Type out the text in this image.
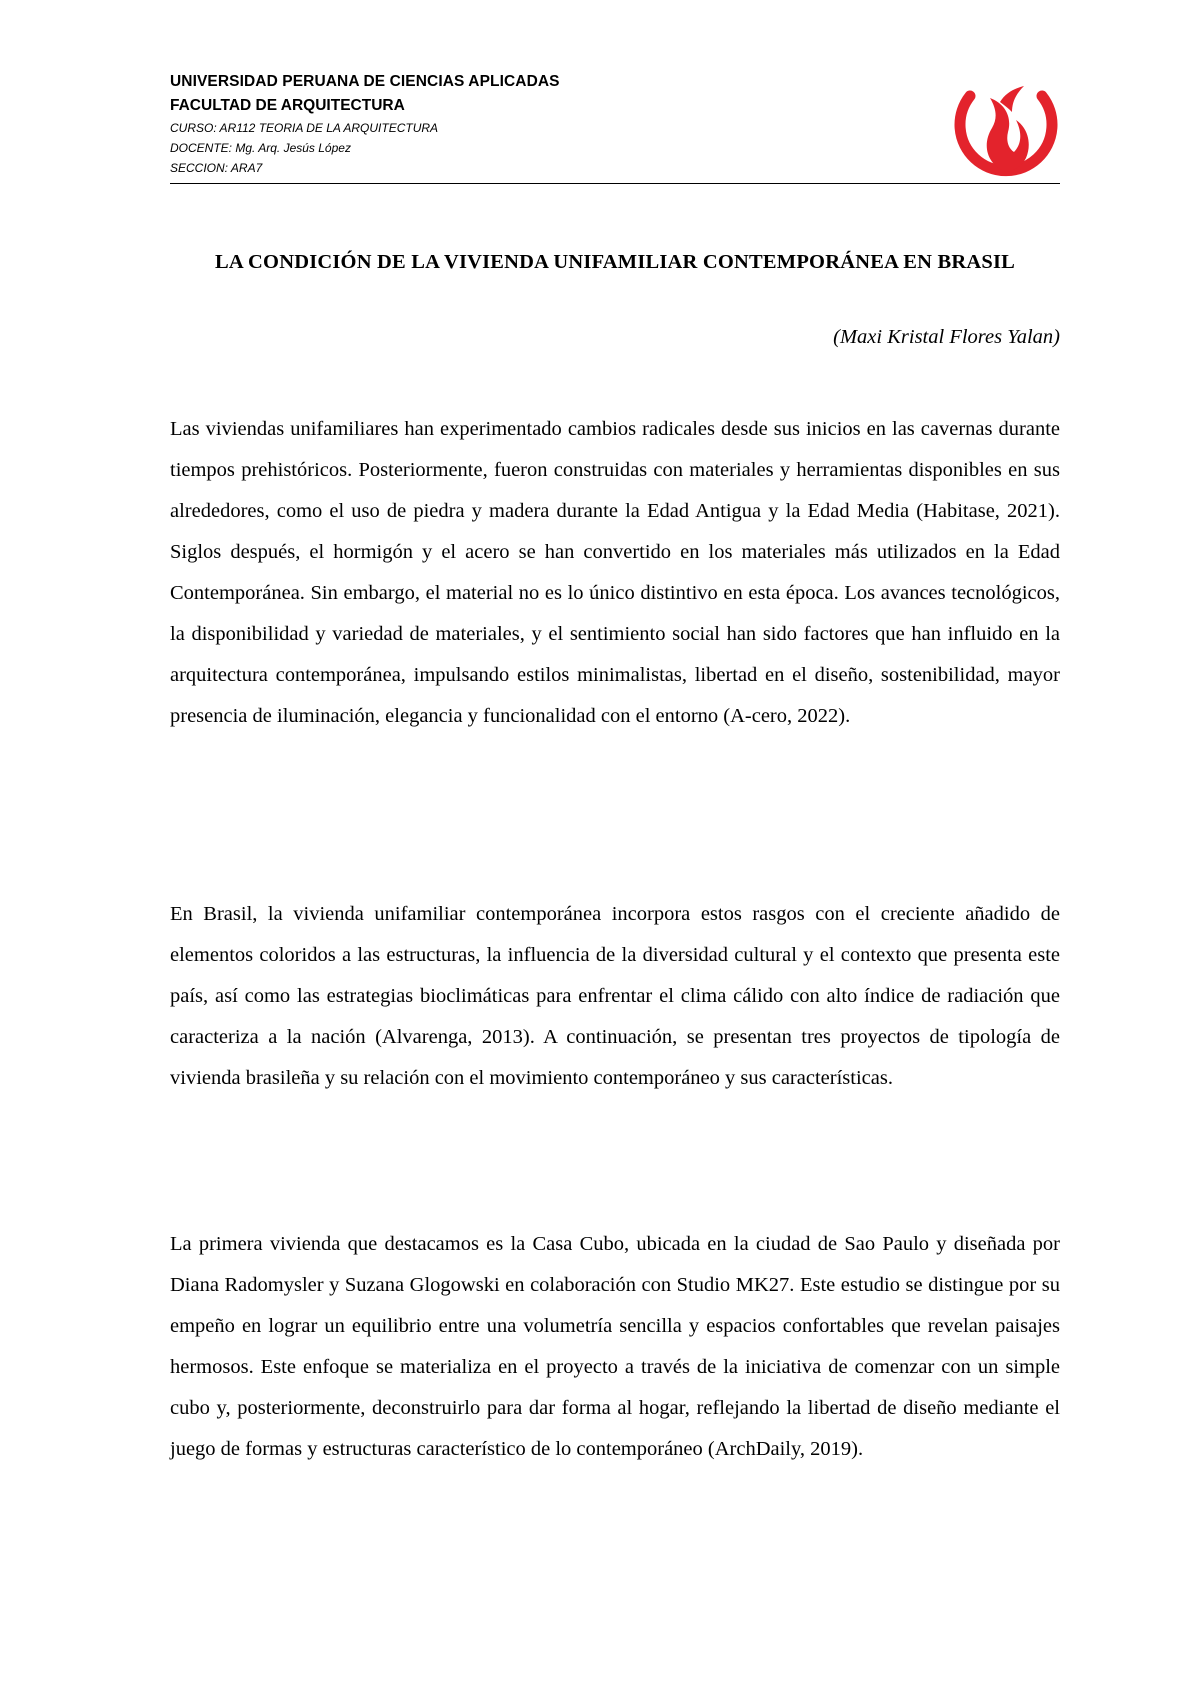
UNIVERSIDAD PERUANA DE CIENCIAS APLICADAS
FACULTAD DE ARQUITECTURA
CURSO: AR112 TEORIA DE LA ARQUITECTURA
DOCENTE: Mg. Arq. Jesús López
SECCION: ARA7
LA CONDICIÓN DE LA VIVIENDA UNIFAMILIAR CONTEMPORÁNEA EN BRASIL
(Maxi Kristal Flores Yalan)

Las viviendas unifamiliares han experimentado cambios radicales desde sus inicios en las cavernas durante tiempos prehistóricos. Posteriormente, fueron construidas con materiales y herramientas disponibles en sus alrededores, como el uso de piedra y madera durante la Edad Antigua y la Edad Media (Habitase, 2021). Siglos después, el hormigón y el acero se han convertido en los materiales más utilizados en la Edad Contemporánea. Sin embargo, el material no es lo único distintivo en esta época. Los avances tecnológicos, la disponibilidad y variedad de materiales, y el sentimiento social han sido factores que han influido en la arquitectura contemporánea, impulsando estilos minimalistas, libertad en el diseño, sostenibilidad, mayor presencia de iluminación, elegancia y funcionalidad con el entorno (A-cero, 2022).

En Brasil, la vivienda unifamiliar contemporánea incorpora estos rasgos con el creciente añadido de elementos coloridos a las estructuras, la influencia de la diversidad cultural y el contexto que presenta este país, así como las estrategias bioclimáticas para enfrentar el clima cálido con alto índice de radiación que caracteriza a la nación (Alvarenga, 2013). A continuación, se presentan tres proyectos de tipología de vivienda brasileña y su relación con el movimiento contemporáneo y sus características.

La primera vivienda que destacamos es la Casa Cubo, ubicada en la ciudad de Sao Paulo y diseñada por Diana Radomysler y Suzana Glogowski en colaboración con Studio MK27. Este estudio se distingue por su empeño en lograr un equilibrio entre una volumetría sencilla y espacios confortables que revelan paisajes hermosos. Este enfoque se materializa en el proyecto a través de la iniciativa de comenzar con un simple cubo y, posteriormente, deconstruirlo para dar forma al hogar, reflejando la libertad de diseño mediante el juego de formas y estructuras característico de lo contemporáneo (ArchDaily, 2019).
